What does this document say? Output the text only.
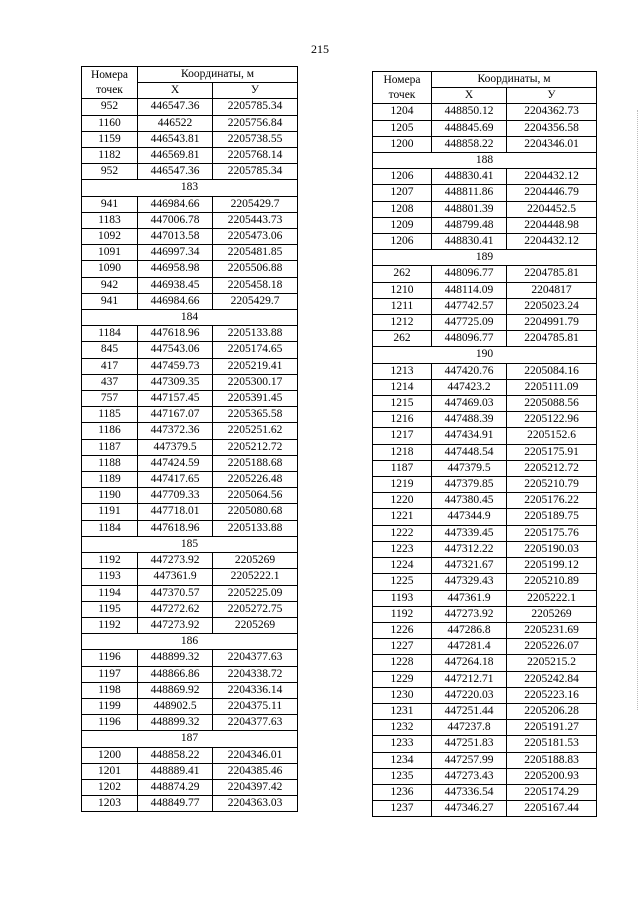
215
Номера
точек	Координаты, м	
	X	У
952	446547.36	2205785.34
1160	446522	2205756.84
1159	446543.81	2205738.55
1182	446569.81	2205768.14
952	446547.36	2205785.34
183		
941	446984.66	2205429.7
1183	447006.78	2205443.73
1092	447013.58	2205473.06
1091	446997.34	2205481.85
1090	446958.98	2205506.88
942	446938.45	2205458.18
941	446984.66	2205429.7
184		
1184	447618.96	2205133.88
845	447543.06	2205174.65
417	447459.73	2205219.41
437	447309.35	2205300.17
757	447157.45	2205391.45
1185	447167.07	2205365.58
1186	447372.36	2205251.62
1187	447379.5	2205212.72
1188	447424.59	2205188.68
1189	447417.65	2205226.48
1190	447709.33	2205064.56
1191	447718.01	2205080.68
1184	447618.96	2205133.88
185		
1192	447273.92	2205269
1193	447361.9	2205222.1
1194	447370.57	2205225.09
1195	447272.62	2205272.75
1192	447273.92	2205269
186		
1196	448899.32	2204377.63
1197	448866.86	2204338.72
1198	448869.92	2204336.14
1199	448902.5	2204375.11
1196	448899.32	2204377.63
187		
1200	448858.22	2204346.01
1201	448889.41	2204385.46
1202	448874.29	2204397.42
1203	448849.77	2204363.03
Номера
точек	Координаты, м	
	X	У
1204	448850.12	2204362.73
1205	448845.69	2204356.58
1200	448858.22	2204346.01
188		
1206	448830.41	2204432.12
1207	448811.86	2204446.79
1208	448801.39	2204452.5
1209	448799.48	2204448.98
1206	448830.41	2204432.12
189		
262	448096.77	2204785.81
1210	448114.09	2204817
1211	447742.57	2205023.24
1212	447725.09	2204991.79
262	448096.77	2204785.81
190		
1213	447420.76	2205084.16
1214	447423.2	2205111.09
1215	447469.03	2205088.56
1216	447488.39	2205122.96
1217	447434.91	2205152.6
1218	447448.54	2205175.91
1187	447379.5	2205212.72
1219	447379.85	2205210.79
1220	447380.45	2205176.22
1221	447344.9	2205189.75
1222	447339.45	2205175.76
1223	447312.22	2205190.03
1224	447321.67	2205199.12
1225	447329.43	2205210.89
1193	447361.9	2205222.1
1192	447273.92	2205269
1226	447286.8	2205231.69
1227	447281.4	2205226.07
1228	447264.18	2205215.2
1229	447212.71	2205242.84
1230	447220.03	2205223.16
1231	447251.44	2205206.28
1232	447237.8	2205191.27
1233	447251.83	2205181.53
1234	447257.99	2205188.83
1235	447273.43	2205200.93
1236	447336.54	2205174.29
1237	447346.27	2205167.44
